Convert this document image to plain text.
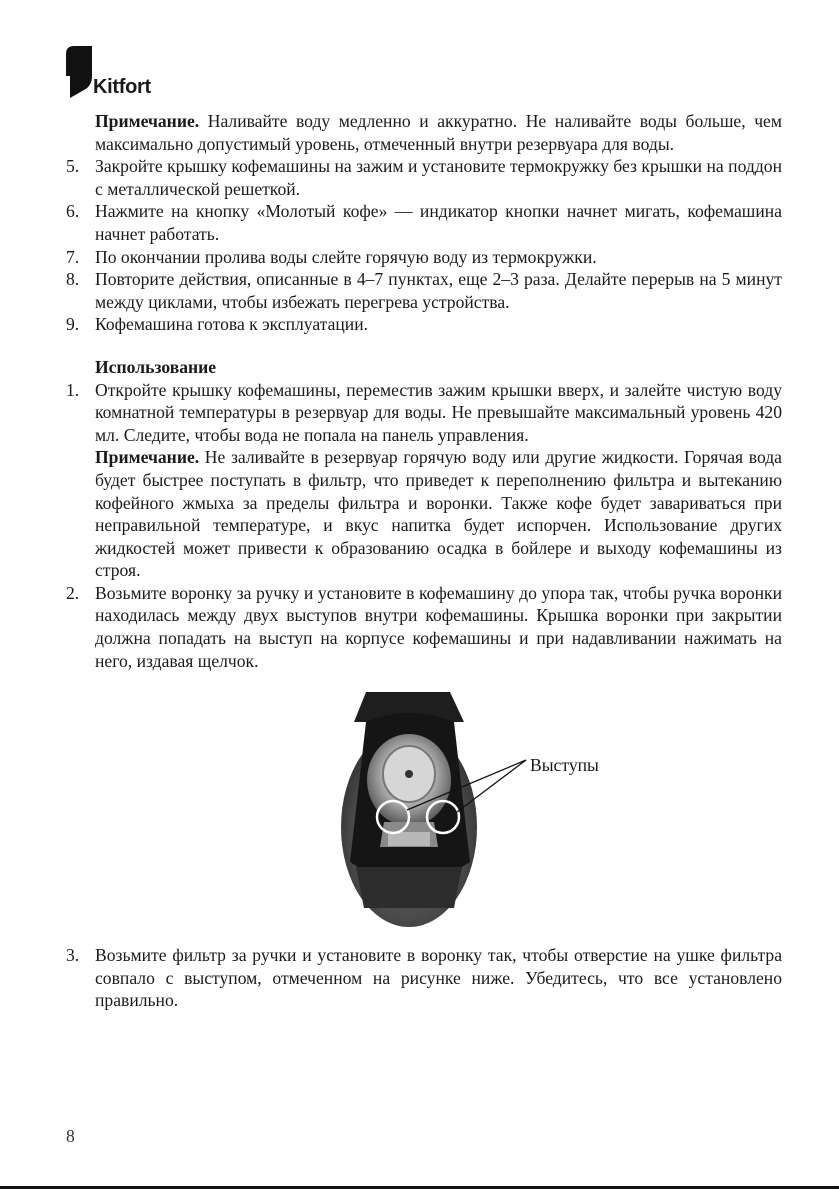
Kitfort

Примечание. Наливайте воду медленно и аккуратно. Не наливайте воды больше, чем максимально допустимый уровень, отмеченный внутри резервуара для воды.

5. Закройте крышку кофемашины на зажим и установите термокружку без крышки на поддон с металлической решеткой.
6. Нажмите на кнопку «Молотый кофе» — индикатор кнопки начнет мигать, кофемашина начнет работать.
7. По окончании пролива воды слейте горячую воду из термокружки.
8. Повторите действия, описанные в 4–7 пунктах, еще 2–3 раза. Делайте перерыв на 5 минут между циклами, чтобы избежать перегрева устройства.
9. Кофемашина готова к эксплуатации.
Использование
1. Откройте крышку кофемашины, переместив зажим крышки вверх, и залейте чистую воду комнатной температуры в резервуар для воды. Не превышайте максимальный уровень 420 мл. Следите, чтобы вода не попала на панель управления.
Примечание. Не заливайте в резервуар горячую воду или другие жидкости. Горячая вода будет быстрее поступать в фильтр, что приведет к переполнению фильтра и вытеканию кофейного жмыха за пределы фильтра и воронки. Также кофе будет завариваться при неправильной температуре, и вкус напитка будет испорчен. Использование других жидкостей может привести к образованию осадка в бойлере и выходу кофемашины из строя.
2. Возьмите воронку за ручку и установите в кофемашину до упора так, чтобы ручка воронки находилась между двух выступов внутри кофемашины. Крышка воронки при закрытии должна попадать на выступ на корпусе кофемашины и при надавливании нажимать на него, издавая щелчок.
Выступы
3. Возьмите фильтр за ручки и установите в воронку так, чтобы отверстие на ушке фильтра совпало с выступом, отмеченном на рисунке ниже. Убедитесь, что все установлено правильно.
8
